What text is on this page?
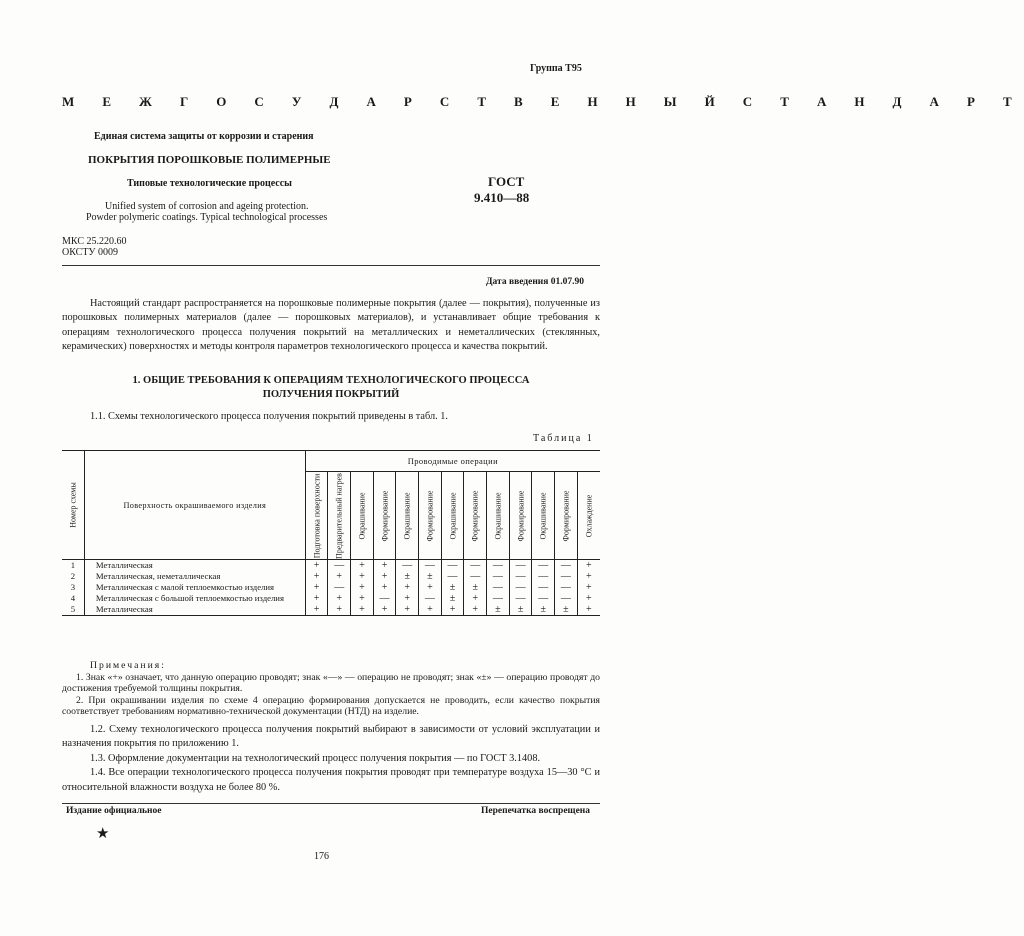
Группа Т95
М Е Ж Г О С У Д А Р С Т В Е Н Н Ы Й С Т А Н Д А Р Т
Единая система защиты от коррозии и старения
ПОКРЫТИЯ ПОРОШКОВЫЕ ПОЛИМЕРНЫЕ
Типовые технологические процессы
Unified system of corrosion and ageing protection.
Powder polymeric coatings. Typical technological processes
ГОСТ
9.410—88
МКС 25.220.60
ОКСТУ 0009
Дата введения 01.07.90
Настоящий стандарт распространяется на порошковые полимерные покрытия (далее — покрытия), полученные из порошковых полимерных материалов (далее — порошковых материалов), и устанавливает общие требования к операциям технологического процесса получения покрытий на металлических и неметаллических (стеклянных, керамических) поверхностях и методы контроля параметров технологического процесса и качества покрытий.
1. ОБЩИЕ ТРЕБОВАНИЯ К ОПЕРАЦИЯМ ТЕХНОЛОГИЧЕСКОГО ПРОЦЕССА
ПОЛУЧЕНИЯ ПОКРЫТИЙ
1.1. Схемы технологического процесса получения покрытий приведены в табл. 1.
Таблица 1
Номер схемы	Поверхность окрашиваемого изделия	Проводимые операции												

		Подготовка поверхности	Предварительный нагрев	Окрашивание	Формирование	Окрашивание	Формирование	Окрашивание	Формирование	Окрашивание	Формирование	Окрашивание	Формирование	Охлаждение

1	Металлическая	+	—	+	+	—	—	—	—	—	—	—	—	+
2	Металлическая, неметаллическая	+	+	+	+	±	±	—	—	—	—	—	—	+
3	Металлическая с малой теплоемкостью изделия	+	—	+	+	+	+	±	±	—	—	—	—	+
4	Металлическая с большой теплоемкостью изделия	+	+	+	—	+	—	±	+	—	—	—	—	+
5	Металлическая	+	+	+	+	+	+	+	+	±	±	±	±	+
Примечания:
1. Знак «+» означает, что данную операцию проводят; знак «—» — операцию не проводят; знак «±» — операцию проводят до достижения требуемой толщины покрытия.
2. При окрашивании изделия по схеме 4 операцию формирования допускается не проводить, если качество покрытия соответствует требованиям нормативно-технической документации (НТД) на изделие.
1.2. Схему технологического процесса получения покрытий выбирают в зависимости от условий эксплуатации и назначения покрытия по приложению 1.
1.3. Оформление документации на технологический процесс получения покрытия — по ГОСТ 3.1408.
1.4. Все операции технологического процесса получения покрытия проводят при температуре воздуха 15—30 °С и относительной влажности воздуха не более 80 %.
Издание официальное	Перепечатка воспрещена
★
176
